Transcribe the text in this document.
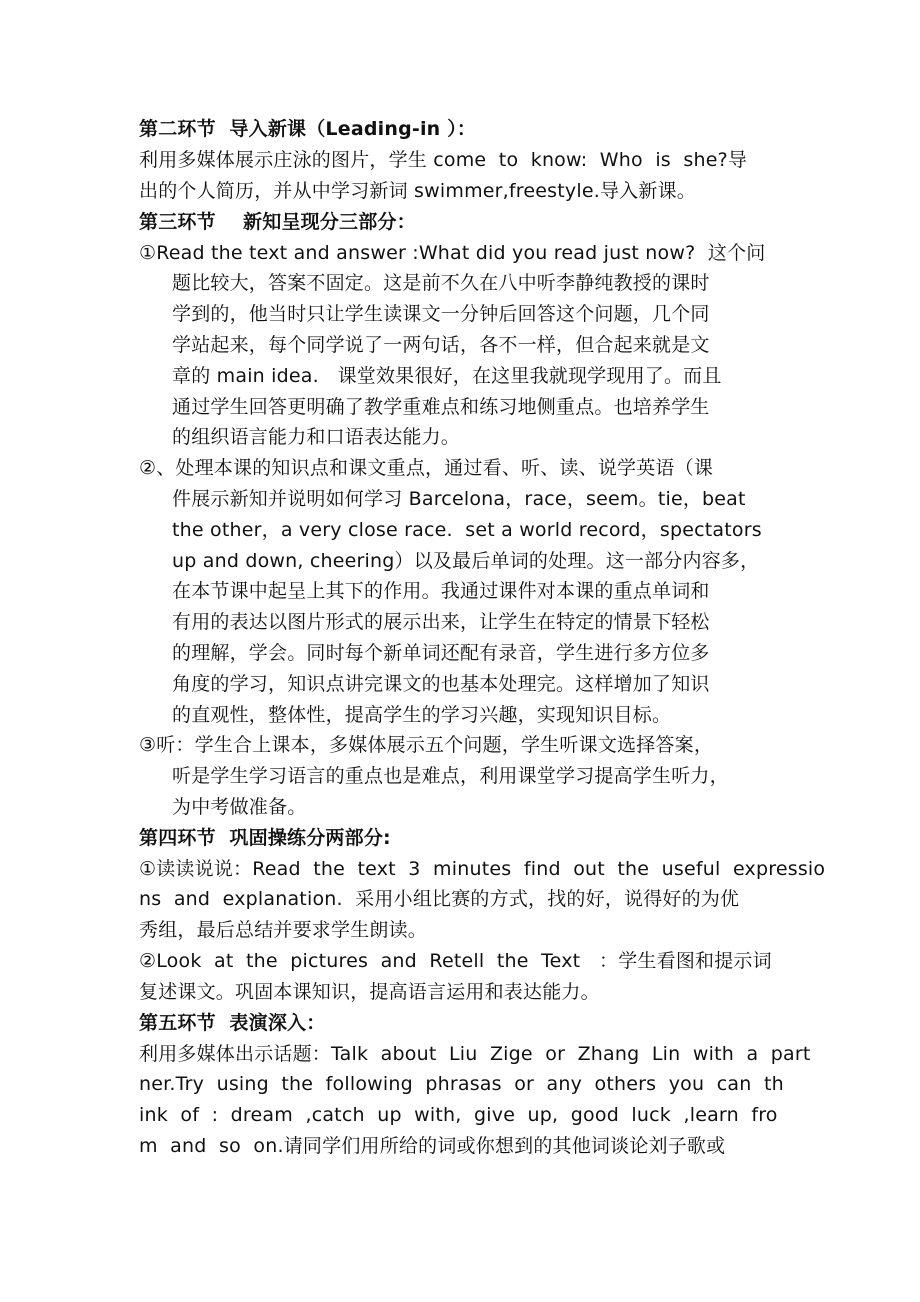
第二环节  导入新课（Leading-in ）：
利用多媒体展示庄泳的图片，学生 come  to  know:  Who  is  she?导
出的个人简历，并从中学习新词 swimmer,freestyle.导入新课。
第三环节    新知呈现分三部分：
①Read the text and answer :What did you read just now?  这个问
题比较大，答案不固定。这是前不久在八中听李静纯教授的课时
学到的，他当时只让学生读课文一分钟后回答这个问题，几个同
学站起来，每个同学说了一两句话，各不一样，但合起来就是文
章的 main idea.   课堂效果很好，在这里我就现学现用了。而且
通过学生回答更明确了教学重难点和练习地侧重点。也培养学生
的组织语言能力和口语表达能力。
②、处理本课的知识点和课文重点，通过看、听、读、说学英语（课
件展示新知并说明如何学习 Barcelona，race，seem。tie，beat
the other，a very close race.  set a world record，spectators
up and down, cheering）以及最后单词的处理。这一部分内容多，
在本节课中起呈上其下的作用。我通过课件对本课的重点单词和
有用的表达以图片形式的展示出来，让学生在特定的情景下轻松
的理解，学会。同时每个新单词还配有录音，学生进行多方位多
角度的学习，知识点讲完课文的也基本处理完。这样增加了知识
的直观性，整体性，提高学生的学习兴趣，实现知识目标。
③听：学生合上课本，多媒体展示五个问题，学生听课文选择答案，
听是学生学习语言的重点也是难点，利用课堂学习提高学生听力，
为中考做准备。
第四环节  巩固操练分两部分:
①读读说说：Read  the  text  3  minutes  find  out  the  useful  expressio
ns  and  explanation.  采用小组比赛的方式，找的好，说得好的为优
秀组，最后总结并要求学生朗读。
②Look  at  the  pictures  and  Retell  the  Text   ：学生看图和提示词
复述课文。巩固本课知识，提高语言运用和表达能力。
第五环节  表演深入：
利用多媒体出示话题：Talk  about  Liu  Zige  or  Zhang  Lin  with  a  part
ner.Try  using  the  following  phrasas  or  any  others  you  can  th
ink  of  :  dream  ,catch  up  with,  give  up,  good  luck  ,learn  fro
m  and  so  on.请同学们用所给的词或你想到的其他词谈论刘子歌或
